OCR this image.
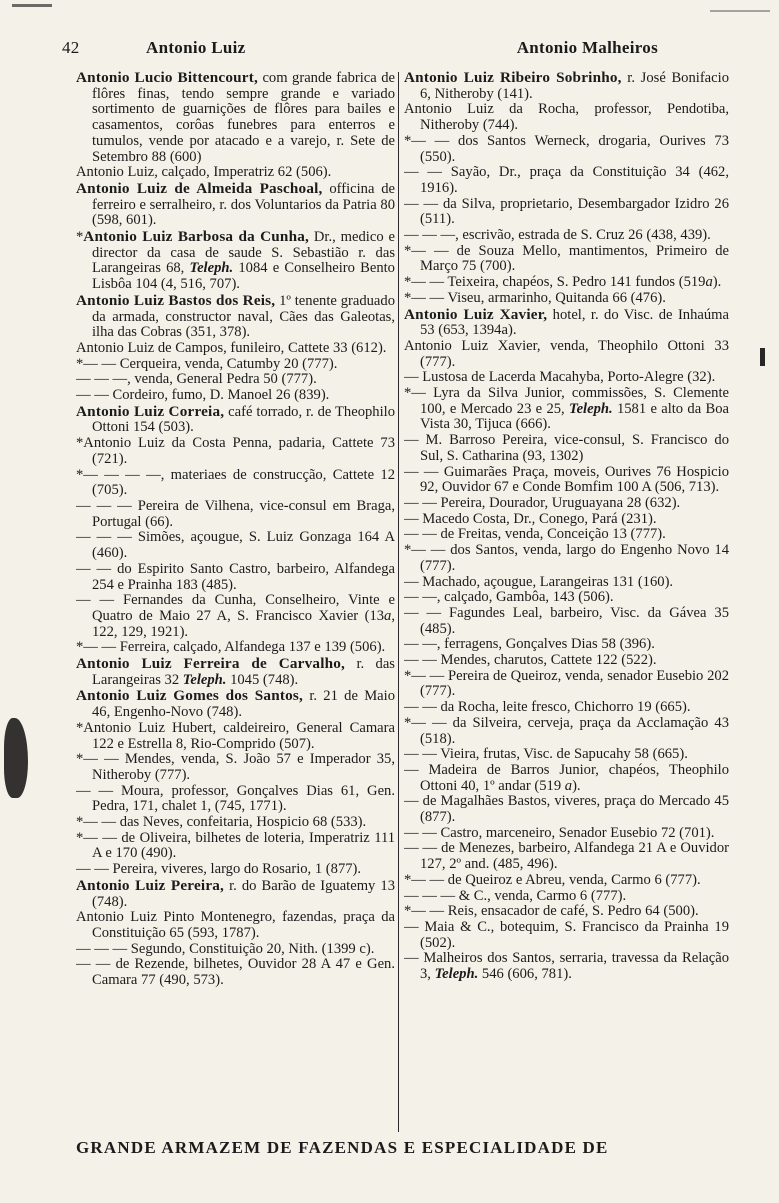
42	Antonio Luiz	Antonio Malheiros
Antonio Lucio Bittencourt, com grande fabrica de flôres finas, tendo sempre grande e variado sortimento de guarnições de flôres para bailes e casamentos, corôas funebres para enterros e tumulos, vende por atacado e a varejo, r. Sete de Setembro 88 (600)
Antonio Luiz, calçado, Imperatriz 62 (506).
Antonio Luiz de Almeida Paschoal, officina de ferreiro e serralheiro, r. dos Voluntarios da Patria 80 (598, 601).
*Antonio Luiz Barbosa da Cunha, Dr., medico e director da casa de saude S. Sebastião r. das Larangeiras 68, Teleph. 1084 e Conselheiro Bento Lisbôa 104 (4, 516, 707).
Antonio Luiz Bastos dos Reis, 1º tenente graduado da armada, constructor naval, Cães das Galeotas, ilha das Cobras (351, 378).
Antonio Luiz de Campos, funileiro, Cattete 33 (612).
*— — Cerqueira, venda, Catumby 20 (777).
— — —, venda, General Pedra 50 (777).
— — Cordeiro, fumo, D. Manoel 26 (839).
Antonio Luiz Correia, café torrado, r. de Theophilo Ottoni 154 (503).
*Antonio Luiz da Costa Penna, padaria, Cattete 73 (721).
*— — — —, materiaes de construcção, Cattete 12 (705).
— — — Pereira de Vilhena, vice-consul em Braga, Portugal (66).
— — — Simões, açougue, S. Luiz Gonzaga 164 A (460).
— — do Espirito Santo Castro, barbeiro, Alfandega 254 e Prainha 183 (485).
— — Fernandes da Cunha, Conselheiro, Vinte e Quatro de Maio 27 A, S. Francisco Xavier (13a, 122, 129, 1921).
*— — Ferreira, calçado, Alfandega 137 e 139 (506).
Antonio Luiz Ferreira de Carvalho, r. das Larangeiras 32 Teleph. 1045 (748).
Antonio Luiz Gomes dos Santos, r. 21 de Maio 46, Engenho-Novo (748).
*Antonio Luiz Hubert, caldeireiro, General Camara 122 e Estrella 8, Rio-Comprido (507).
*— — Mendes, venda, S. João 57 e Imperador 35, Nitheroby (777).
— — Moura, professor, Gonçalves Dias 61, Gen. Pedra, 171, chalet 1, (745, 1771).
*— — das Neves, confeitaria, Hospicio 68 (533).
*— — de Oliveira, bilhetes de loteria, Imperatriz 111 A e 170 (490).
— — Pereira, viveres, largo do Rosario, 1 (877).
Antonio Luiz Pereira, r. do Barão de Iguatemy 13 (748).
Antonio Luiz Pinto Montenegro, fazendas, praça da Constituição 65 (593, 1787).
— — — Segundo, Constituição 20, Nith. (1399 c).
— — de Rezende, bilhetes, Ouvidor 28 A 47 e Gen. Camara 77 (490, 573).
Antonio Luiz Ribeiro Sobrinho, r. José Bonifacio 6, Nitheroby (141).
Antonio Luiz da Rocha, professor, Pendotiba, Nitheroby (744).
*— — dos Santos Werneck, drogaria, Ourives 73 (550).
— — Sayão, Dr., praça da Constituição 34 (462, 1916).
— — da Silva, proprietario, Desembargador Izidro 26 (511).
— — —, escrivão, estrada de S. Cruz 26 (438, 439).
*— — de Souza Mello, mantimentos, Primeiro de Março 75 (700).
*— — Teixeira, chapéos, S. Pedro 141 fundos (519a).
*— — Viseu, armarinho, Quitanda 66 (476).
Antonio Luiz Xavier, hotel, r. do Visc. de Inhaúma 53 (653, 1394a).
Antonio Luiz Xavier, venda, Theophilo Ottoni 33 (777).
— Lustosa de Lacerda Macahyba, Porto-Alegre (32).
*— Lyra da Silva Junior, commissões, S. Clemente 100, e Mercado 23 e 25, Teleph. 1581 e alto da Boa Vista 30, Tijuca (666).
— M. Barroso Pereira, vice-consul, S. Francisco do Sul, S. Catharina (93, 1302)
— — Guimarães Praça, moveis, Ourives 76 Hospicio 92, Ouvidor 67 e Conde Bomfim 100 A (506, 713).
— — Pereira, Dourador, Uruguayana 28 (632).
— Macedo Costa, Dr., Conego, Pará (231).
— — de Freitas, venda, Conceição 13 (777).
*— — dos Santos, venda, largo do Engenho Novo 14 (777).
— Machado, açougue, Larangeiras 131 (160).
— —, calçado, Gambôa, 143 (506).
— — Fagundes Leal, barbeiro, Visc. da Gávea 35 (485).
— —, ferragens, Gonçalves Dias 58 (396).
— — Mendes, charutos, Cattete 122 (522).
*— — Pereira de Queiroz, venda, senador Eusebio 202 (777).
— — da Rocha, leite fresco, Chichorro 19 (665).
*— — da Silveira, cerveja, praça da Acclamação 43 (518).
— — Vieira, frutas, Visc. de Sapucahy 58 (665).
— Madeira de Barros Junior, chapéos, Theophilo Ottoni 40, 1º andar (519 a).
— de Magalhães Bastos, viveres, praça do Mercado 45 (877).
— — Castro, marceneiro, Senador Eusebio 72 (701).
— — de Menezes, barbeiro, Alfandega 21 A e Ouvidor 127, 2º and. (485, 496).
*— — de Queiroz e Abreu, venda, Carmo 6 (777).
— — — & C., venda, Carmo 6 (777).
*— — Reis, ensacador de café, S. Pedro 64 (500).
— Maia & C., botequim, S. Francisco da Prainha 19 (502).
— Malheiros dos Santos, serraria, travessa da Relação 3, Teleph. 546 (606, 781).
GRANDE ARMAZEM DE FAZENDAS E ESPECIALIDADE DE
